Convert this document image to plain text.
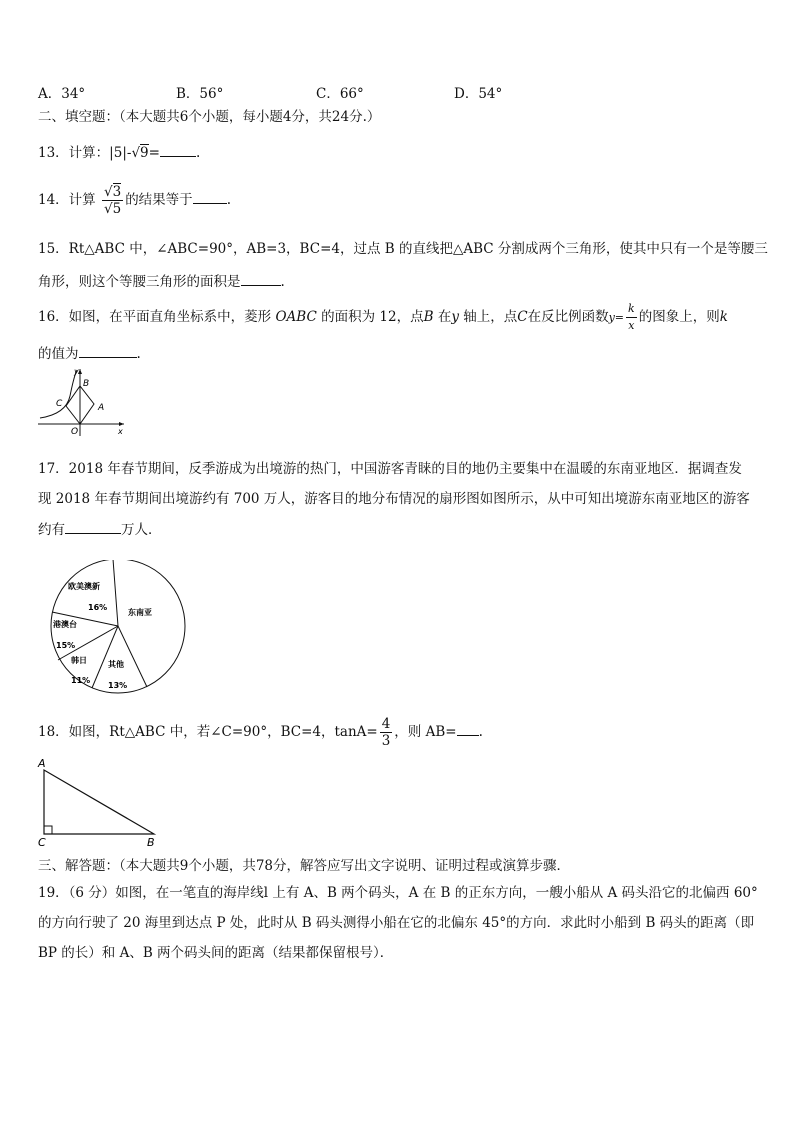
A．34°	B．56°	C．66°	D．54°
二、填空题：（本大题共6个小题，每小题4分，共24分.）
13．计算：|5|-√9=	.
14．计算 $\frac{√3}{√5}$ 的结果等于	.
15．Rt△ABC 中，∠ABC=90°，AB=3，BC=4，过点 B 的直线把△ABC 分割成两个三角形，使其中只有一个是等腰三
角形，则这个等腰三角形的面积是	.
16．如图，在平面直角坐标系中，菱形 OABC 的面积为 12，点B 在y 轴上，点C在反比例函数$y= \frac{k}{x}$ 的图象上，则k
的值为	.
y
B
C	A
O	x
17．2018 年春节期间，反季游成为出境游的热门，中国游客青睐的目的地仍主要集中在温暖的东南亚地区．据调查发
现 2018 年春节期间出境游约有 700 万人，游客目的地分布情况的扇形图如图所示，从中可知出境游东南亚地区的游客
约有	万人．
欧美澳新
16%
东南亚
港澳台
15%
韩日
11%
其他
13%
18．如图，Rt△ABC 中，若∠C=90°，BC=4，$\tan A= \frac{4}{3}$ ，则 AB= .
A
C	B
三、解答题：（本大题共9个小题，共78分，解答应写出文字说明、证明过程或演算步骤．
19．（6 分）如图，在一笔直的海岸线l 上有 A、B 两个码头，A 在 B 的正东方向，一艘小船从 A 码头沿它的北偏西 60°
的方向行驶了 20 海里到达点 P 处，此时从 B 码头测得小船在它的北偏东 45°的方向．求此时小船到 B 码头的距离（即
BP 的长）和 A、B 两个码头间的距离（结果都保留根号）．
